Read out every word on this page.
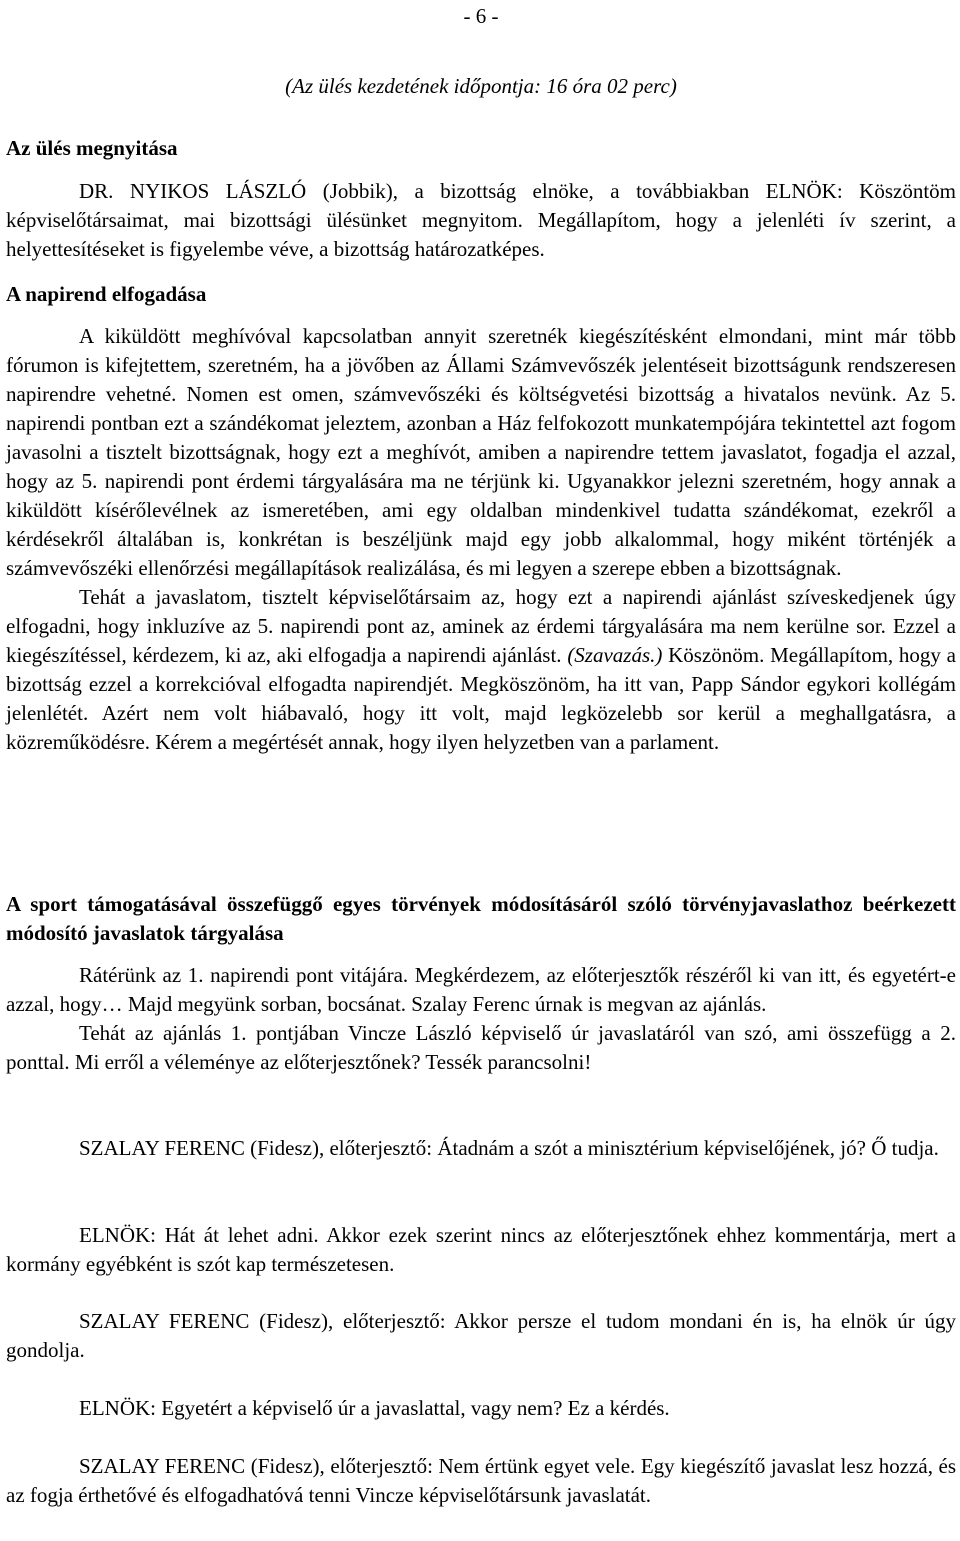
- 6 -
(Az ülés kezdetének időpontja: 16 óra 02 perc)
Az ülés megnyitása

DR. NYIKOS LÁSZLÓ (Jobbik), a bizottság elnöke, a továbbiakban ELNÖK: Köszöntöm képviselőtársaimat, mai bizottsági ülésünket megnyitom. Megállapítom, hogy a jelenléti ív szerint, a helyettesítéseket is figyelembe véve, a bizottság határozatképes.

A napirend elfogadása

A kiküldött meghívóval kapcsolatban annyit szeretnék kiegészítésként elmondani, mint már több fórumon is kifejtettem, szeretném, ha a jövőben az Állami Számvevőszék jelentéseit bizottságunk rendszeresen napirendre vehetné. Nomen est omen, számvevőszéki és költségvetési bizottság a hivatalos nevünk. Az 5. napirendi pontban ezt a szándékomat jeleztem, azonban a Ház felfokozott munkatempójára tekintettel azt fogom javasolni a tisztelt bizottságnak, hogy ezt a meghívót, amiben a napirendre tettem javaslatot, fogadja el azzal, hogy az 5. napirendi pont érdemi tárgyalására ma ne térjünk ki. Ugyanakkor jelezni szeretném, hogy annak a kiküldött kísérőlevélnek az ismeretében, ami egy oldalban mindenkivel tudatta szándékomat, ezekről a kérdésekről általában is, konkrétan is beszéljünk majd egy jobb alkalommal, hogy miként történjék a számvevőszéki ellenőrzési megállapítások realizálása, és mi legyen a szerepe ebben a bizottságnak.

Tehát a javaslatom, tisztelt képviselőtársaim az, hogy ezt a napirendi ajánlást szíveskedjenek úgy elfogadni, hogy inkluzíve az 5. napirendi pont az, aminek az érdemi tárgyalására ma nem kerülne sor. Ezzel a kiegészítéssel, kérdezem, ki az, aki elfogadja a napirendi ajánlást. (Szavazás.) Köszönöm. Megállapítom, hogy a bizottság ezzel a korrekcióval elfogadta napirendjét. Megköszönöm, ha itt van, Papp Sándor egykori kollégám jelenlétét. Azért nem volt hiábavaló, hogy itt volt, majd legközelebb sor kerül a meghallgatásra, a közreműködésre. Kérem a megértését annak, hogy ilyen helyzetben van a parlament.

A sport támogatásával összefüggő egyes törvények módosításáról szóló törvényjavaslathoz beérkezett módosító javaslatok tárgyalása

Rátérünk az 1. napirendi pont vitájára. Megkérdezem, az előterjesztők részéről ki van itt, és egyetért-e azzal, hogy… Majd megyünk sorban, bocsánat. Szalay Ferenc úrnak is megvan az ajánlás.

Tehát az ajánlás 1. pontjában Vincze László képviselő úr javaslatáról van szó, ami összefügg a 2. ponttal. Mi erről a véleménye az előterjesztőnek? Tessék parancsolni!

SZALAY FERENC (Fidesz), előterjesztő: Átadnám a szót a minisztérium képviselőjének, jó? Ő tudja.

ELNÖK: Hát át lehet adni. Akkor ezek szerint nincs az előterjesztőnek ehhez kommentárja, mert a kormány egyébként is szót kap természetesen.

SZALAY FERENC (Fidesz), előterjesztő: Akkor persze el tudom mondani én is, ha elnök úr úgy gondolja.

ELNÖK: Egyetért a képviselő úr a javaslattal, vagy nem? Ez a kérdés.

SZALAY FERENC (Fidesz), előterjesztő: Nem értünk egyet vele. Egy kiegészítő javaslat lesz hozzá, és az fogja érthetővé és elfogadhatóvá tenni Vincze képviselőtársunk javaslatát.
